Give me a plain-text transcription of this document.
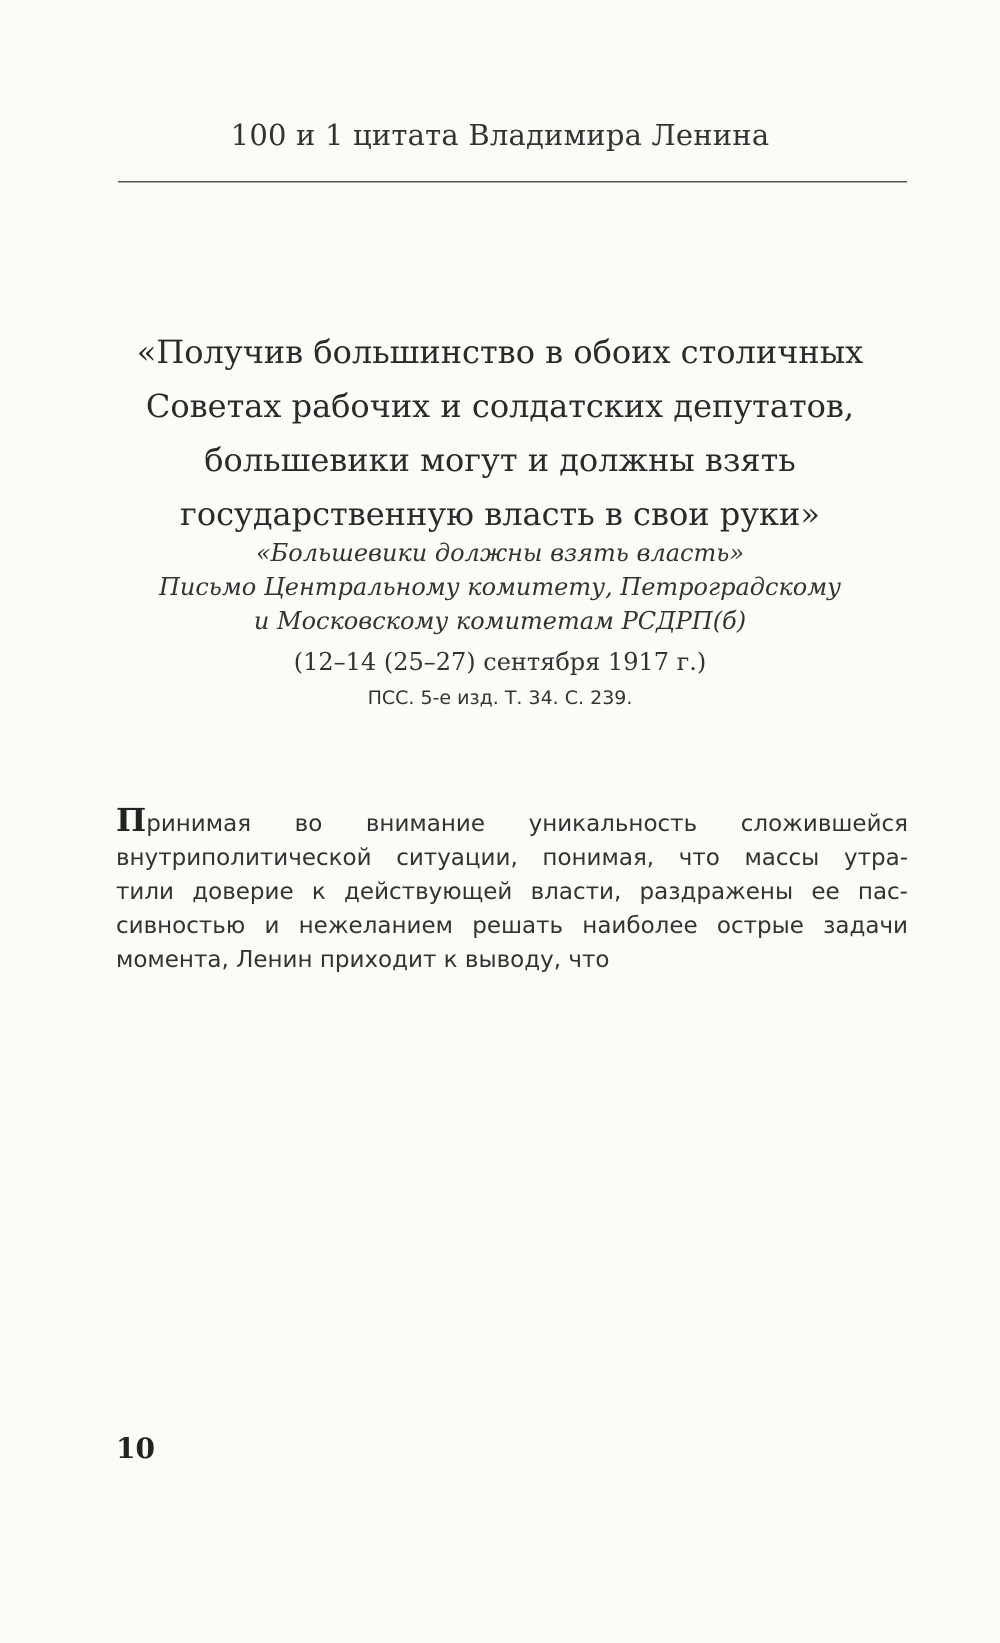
100 и 1 цитата Владимира Ленина
«Получив большинство в обоих столичных
Советах рабочих и солдатских депутатов,
большевики могут и должны взять
государственную власть в свои руки»
«Большевики должны взять власть»
Письмо Центральному комитету, Петроградскому
и Московскому комитетам РСДРП(б)
(12–14 (25–27) сентября 1917 г.)
ПСС. 5-е изд. Т. 34. С. 239.
Принимая во внимание уникальность сложившейся
внутриполитической ситуации, понимая, что массы утра-
тили доверие к действующей власти, раздражены ее пас-
сивностью и нежеланием решать наиболее острые задачи
момента, Ленин приходит к выводу, что
10
